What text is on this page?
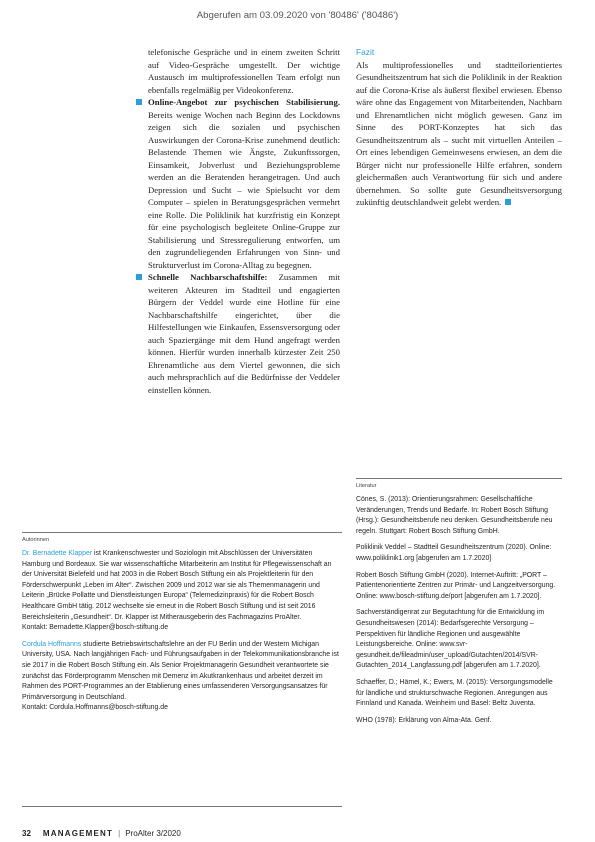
Abgerufen am 03.09.2020 von '80486' ('80486')

telefonische Gespräche und in einem zweiten Schritt auf Video-Gespräche umgestellt. Der wichtige Austausch im multiprofessionellen Team erfolgt nun ebenfalls regelmäßig per Videokonferenz.

Online-Angebot zur psychischen Stabilisierung. Bereits wenige Wochen nach Beginn des Lockdowns zeigen sich die sozialen und psychischen Auswirkungen der Corona-Krise zunehmend deutlich: Belastende Themen wie Ängste, Zukunftssorgen, Einsamkeit, Jobverlust und Beziehungsprobleme werden an die Beratenden herangetragen. Und auch Depression und Sucht – wie Spielsucht vor dem Computer – spielen in Beratungsgesprächen vermehrt eine Rolle. Die Poliklinik hat kurzfristig ein Konzept für eine psychologisch begleitete Online-Gruppe zur Stabilisierung und Stressregulierung entworfen, um den zugrundeliegenden Erfahrungen von Sinn- und Strukturverlust im Corona-Alltag zu begegnen.

Schnelle Nachbarschaftshilfe: Zusammen mit weiteren Akteuren im Stadtteil und engagierten Bürgern der Veddel wurde eine Hotline für eine Nachbarschaftshilfe eingerichtet, über die Hilfestellungen wie Einkaufen, Essensversorgung oder auch Spaziergänge mit dem Hund angefragt werden können. Hierfür wurden innerhalb kürzester Zeit 250 Ehrenamtliche aus dem Viertel gewonnen, die sich auch mehrsprachlich auf die Bedürfnisse der Veddeler einstellen können.

Fazit

Als multiprofessionelles und stadtteilorientiertes Gesundheitszentrum hat sich die Poliklinik in der Reaktion auf die Corona-Krise als äußerst flexibel erwiesen. Ebenso wäre ohne das Engagement von Mitarbeitenden, Nachbarn und Ehrenamtlichen nicht möglich gewesen. Ganz im Sinne des PORT-Konzeptes hat sich das Gesundheitszentrum als – sucht mit virtuellen Anteilen – Ort eines lebendigen Gemeinwesens erwiesen, an dem die Bürger nicht nur professionelle Hilfe erfahren, sondern gleichermaßen auch Verantwortung für sich und andere übernehmen. So sollte gute Gesundheitsversorgung zukünftig deutschlandweit gelebt werden.

Literatur

Cönes, S. (2013): Orientierungsrahmen: Gesellschaftliche Veränderungen, Trends und Bedarfe. In: Robert Bosch Stiftung (Hrsg.): Gesundheitsberufe neu denken. Gesundheitsberufe neu regeln. Stuttgart: Robert Bosch Stiftung GmbH.

Poliklinik Veddel – Stadtteil Gesundheitszentrum (2020). Online: www.poliklinik1.org [abgerufen am 1.7.2020]

Robert Bosch Stiftung GmbH (2020). Internet-Auftritt: „PORT – Patientenorientierte Zentren zur Primär- und Langzeitversorgung. Online: www.bosch-stiftung.de/port [abgerufen am 1.7.2020].

Sachverständigenrat zur Begutachtung für die Entwicklung im Gesundheitswesen (2014): Bedarfsgerechte Versorgung – Perspektiven für ländliche Regionen und ausgewählte Leistungsbereiche. Online: www.svr-gesundheit.de/fileadmin/user_upload/Gutachten/2014/SVR-Gutachten_2014_Langfassung.pdf [abgerufen am 1.7.2020].

Schaeffer, D.; Hämel, K.; Ewers, M. (2015): Versorgungsmodelle für ländliche und strukturschwache Regionen. Anregungen aus Finnland und Kanada. Weinheim und Basel: Beltz Juventa.

WHO (1978): Erklärung von Alma-Ata. Genf.

Autorinnen

Dr. Bernadette Klapper ist Krankenschwester und Soziologin mit Abschlüssen der Universitäten Hamburg und Bordeaux. Sie war wissenschaftliche Mitarbeiterin am Institut für Pflegewissenschaft an der Universität Bielefeld und hat 2003 in die Robert Bosch Stiftung ein als Projektleiterin für den Förderschwerpunkt „Leben im Alter“. Zwischen 2009 und 2012 war sie als Themenmanagerin und Leiterin „Brücke Pollatte und Dienstleistungen Europa“ (Telemedizinpraxis) für die Robert Bosch Healthcare GmbH tätig. 2012 wechselte sie erneut in die Robert Bosch Stiftung und ist seit 2016 Bereichsleiterin „Gesundheit“. Dr. Klapper ist Mitherausgeberin des Fachmagazins ProAlter.

Kontakt: Bernadette.Klapper@bosch-stiftung.de

Cordula Hoffmanns studierte Betriebswirtschaftslehre an der FU Berlin und der Western Michigan University, USA. Nach langjährigen Fach- und Führungsaufgaben in der Telekommunikationsbranche ist sie 2017 in die Robert Bosch Stiftung ein. Als Senior Projektmanagerin Gesundheit verantwortete sie zunächst das Förderprogramm Menschen mit Demenz im Akutkrankenhaus und arbeitet derzeit im Rahmen des PORT-Programmes an der Etablierung eines umfassenderen Versorgungsansatzes für Primärversorgung in Deutschland.

Kontakt: Cordula.Hoffmanns@bosch-stiftung.de

32 MANAGEMENT | ProAlter 3/2020
